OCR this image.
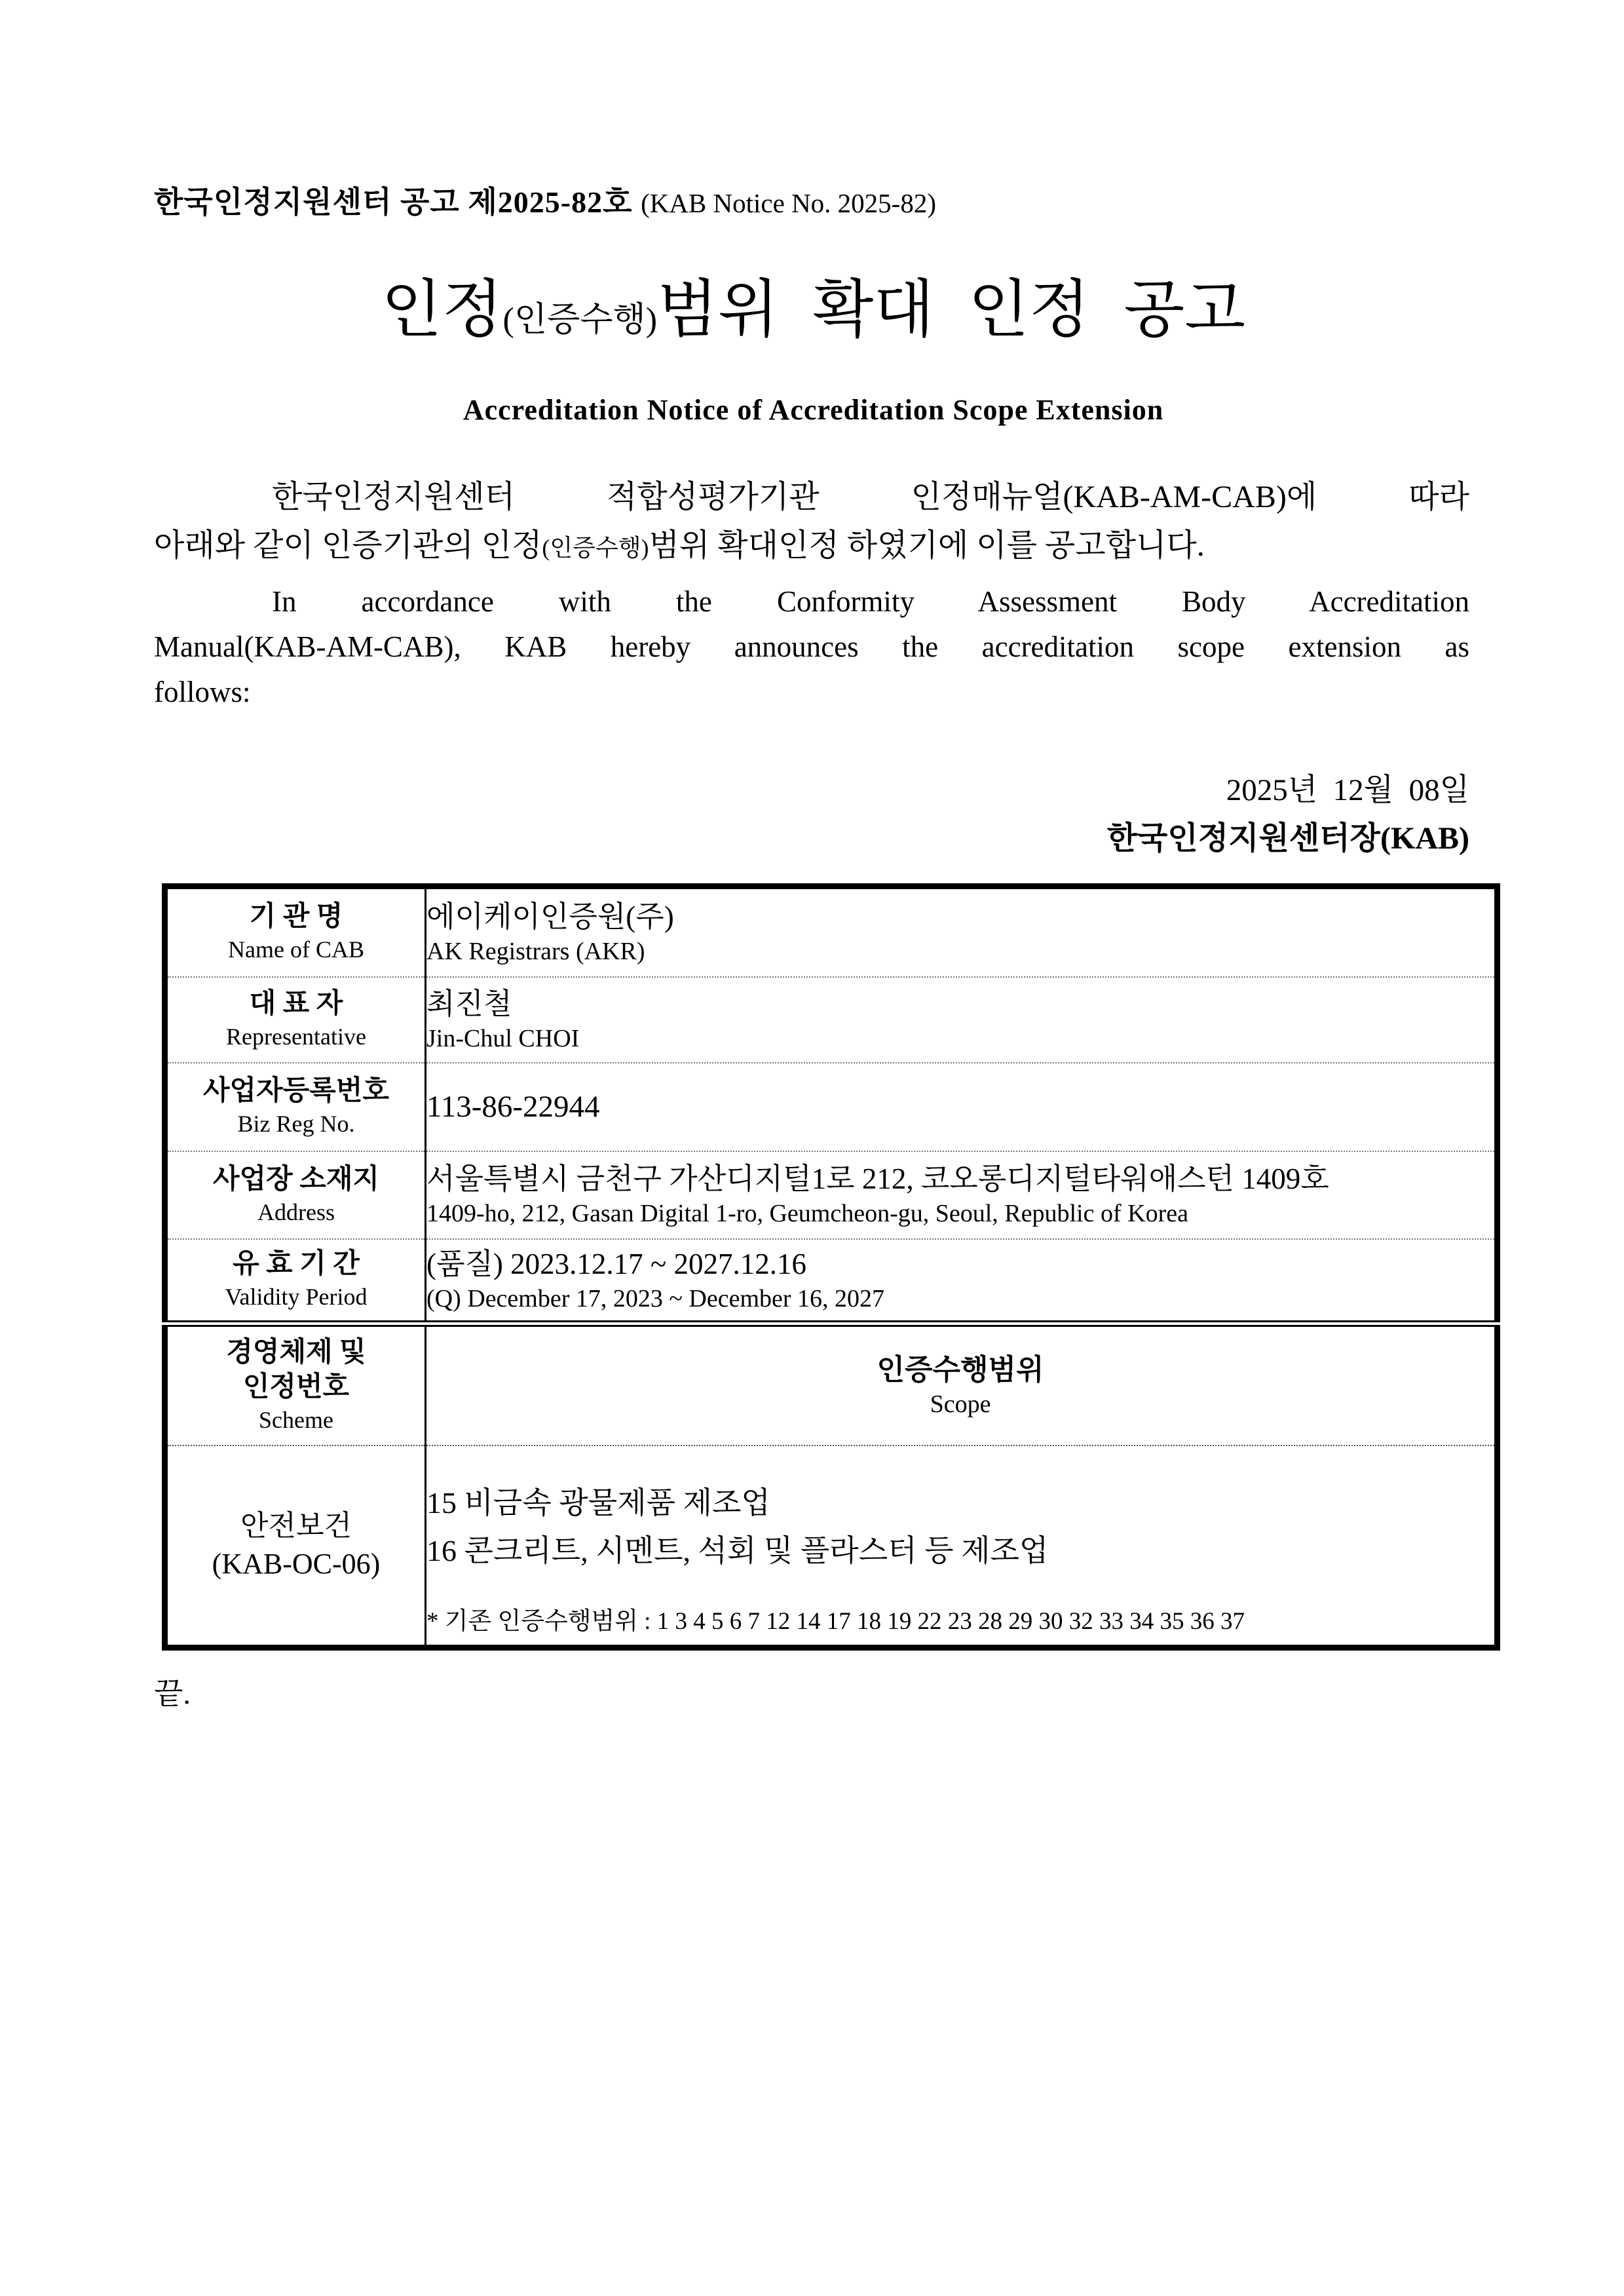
한국인정지원센터 공고 제2025-82호 (KAB Notice No. 2025-82)
인정(인증수행)범위 확대 인정 공고
Accreditation Notice of Accreditation Scope Extension
한국인정지원센터 적합성평가기관 인정매뉴얼(KAB-AM-CAB)에 따라
아래와 같이 인증기관의 인정(인증수행)범위 확대인정 하였기에 이를 공고합니다.
In accordance with the Conformity Assessment Body Accreditation
Manual(KAB-AM-CAB), KAB hereby announces the accreditation scope extension as
follows:
2025년  12월  08일
한국인정지원센터장(KAB)
기 관 명
Name of CAB

에이케이인증원(주)
AK Registrars (AKR)

대 표 자
Representative

최진철
Jin-Chul CHOI

사업자등록번호
Biz Reg No.	113-86-22944

사업장 소재지
Address

서울특별시 금천구 가산디지털1로 212, 코오롱디지털타워애스턴 1409호
1409-ho, 212, Gasan Digital 1-ro, Geumcheon-gu, Seoul, Republic of Korea

유 효 기 간
Validity Period

(품질) 2023.12.17 ~ 2027.12.16
(Q) December 17, 2023 ~ December 16, 2027

경영체제 및
인정번호
Scheme

인증수행범위
Scope

안전보건
(KAB-OC-06)

15 비금속 광물제품 제조업
16 콘크리트, 시멘트, 석회 및 플라스터 등 제조업
* 기존 인증수행범위 : 1 3 4 5 6 7 12 14 17 18 19 22 23 28 29 30 32 33 34 35 36 37
끝.
